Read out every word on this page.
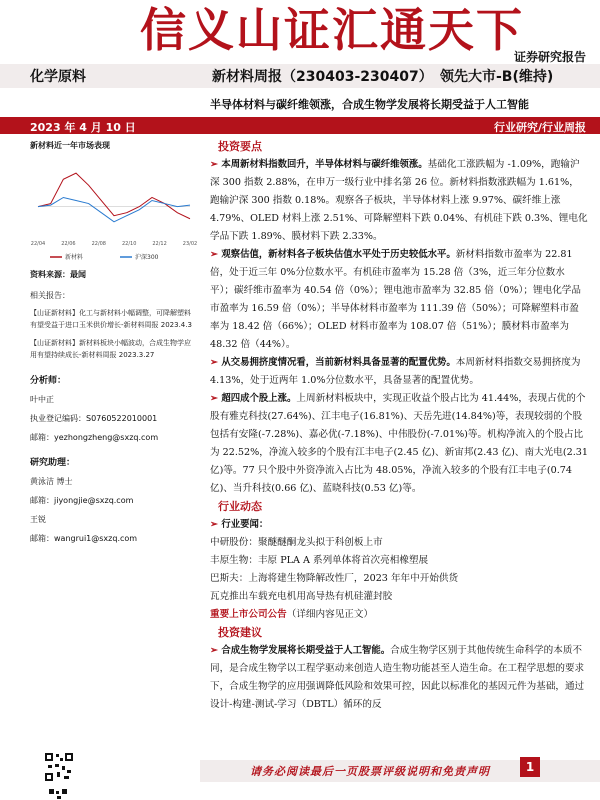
信义山证汇通天下
证券研究报告
化学原料	新材料周报（230403-230407） 领先大市-B(维持)
半导体材料与碳纤维领涨，合成生物学发展将长期受益于人工智能
2023 年 4 月 10 日	行业研究/行业周报
新材料近一年市场表现
22/04	22/06	22/08	22/10	22/12	23/02
新材料	沪深300
资料来源：最闻
相关报告：
【山证新材料】化工与新材料小幅调整，可降解塑料有望受益于进口玉米供价增长-新材料周报 2023.4.3
【山证新材料】新材料板块小幅波动，合成生物学应用有望持续成长-新材料周报 2023.3.27
分析师：
叶中正
执业登记编码：S0760522010001
邮箱：yezhongzheng@sxzq.com
研究助理：
黄泳洁 博士
邮箱：jiyongjie@sxzq.com
王锐
邮箱：wangrui1@sxzq.com
投资要点

➢ 本周新材料指数回升，半导体材料与碳纤维领涨。基础化工涨跌幅为 -1.09%，跑输沪深 300 指数 2.88%，在申万一级行业中排名第 26 位。新材料指数涨跌幅为 1.61%，跑输沪深 300 指数 0.18%。观察各子板块，半导体材料上涨 9.97%、碳纤维上涨 4.79%、OLED 材料上涨 2.51%、可降解塑料下跌 0.04%、有机硅下跌 0.3%、锂电化学品下跌 1.89%、膜材料下跌 2.33%。

➢ 观察估值，新材料各子板块估值水平处于历史较低水平。新材料指数市盈率为 22.81 倍，处于近三年 0%分位数水平。有机硅市盈率为 15.28 倍（3%，近三年分位数水平）；碳纤维市盈率为 40.54 倍（0%）；锂电池市盈率为 32.85 倍（0%）；锂电化学品市盈率为 16.59 倍（0%）；半导体材料市盈率为 111.39 倍（50%）；可降解塑料市盈率为 18.42 倍（66%）；OLED 材料市盈率为 108.07 倍（51%）；膜材料市盈率为 48.32 倍（44%）。

➢ 从交易拥挤度情况看，当前新材料具备显著的配置优势。本周新材料指数交易拥挤度为 4.13%，处于近两年 1.0%分位数水平，具备显著的配置优势。

➢ 超四成个股上涨。上周新材料板块中，实现正收益个股占比为 41.44%，表现占优的个股有雅克科技(27.64%)、江丰电子(16.81%)、天岳先进(14.84%)等，表现较弱的个股包括有安隆(-7.28%)、嘉必优(-7.18%)、中伟股份(-7.01%)等。机构净流入的个股占比为 22.52%，净流入较多的个股有江丰电子(2.45 亿)、新宙邦(2.43 亿)、南大光电(2.31 亿)等。77 只个股中外资净流入占比为 48.05%，净流入较多的个股有江丰电子(0.74 亿)、当升科技(0.66 亿)、蓝晓科技(0.53 亿)等。

行业动态

➢ 行业要闻：

中研股份：聚醚醚酮龙头拟于科创板上市

丰原生物：丰原 PLA A 系列单体将首次亮相橡塑展

巴斯夫：上海将建生物降解改性厂，2023 年年中开始供货

瓦克推出车载充电机用高导热有机硅灌封胶

重要上市公司公告（详细内容见正文）

投资建议

➢ 合成生物学发展将长期受益于人工智能。合成生物学区别于其他传统生命科学的本质不同，是合成生物学以工程学驱动来创造人造生物功能甚至人造生命。在工程学思想的要求下，合成生物学的应用强调降低风险和效果可控，因此以标准化的基因元件为基础，通过设计-构建-测试-学习（DBTL）循环的反

请务必阅读最后一页股票评级说明和免责声明	1
